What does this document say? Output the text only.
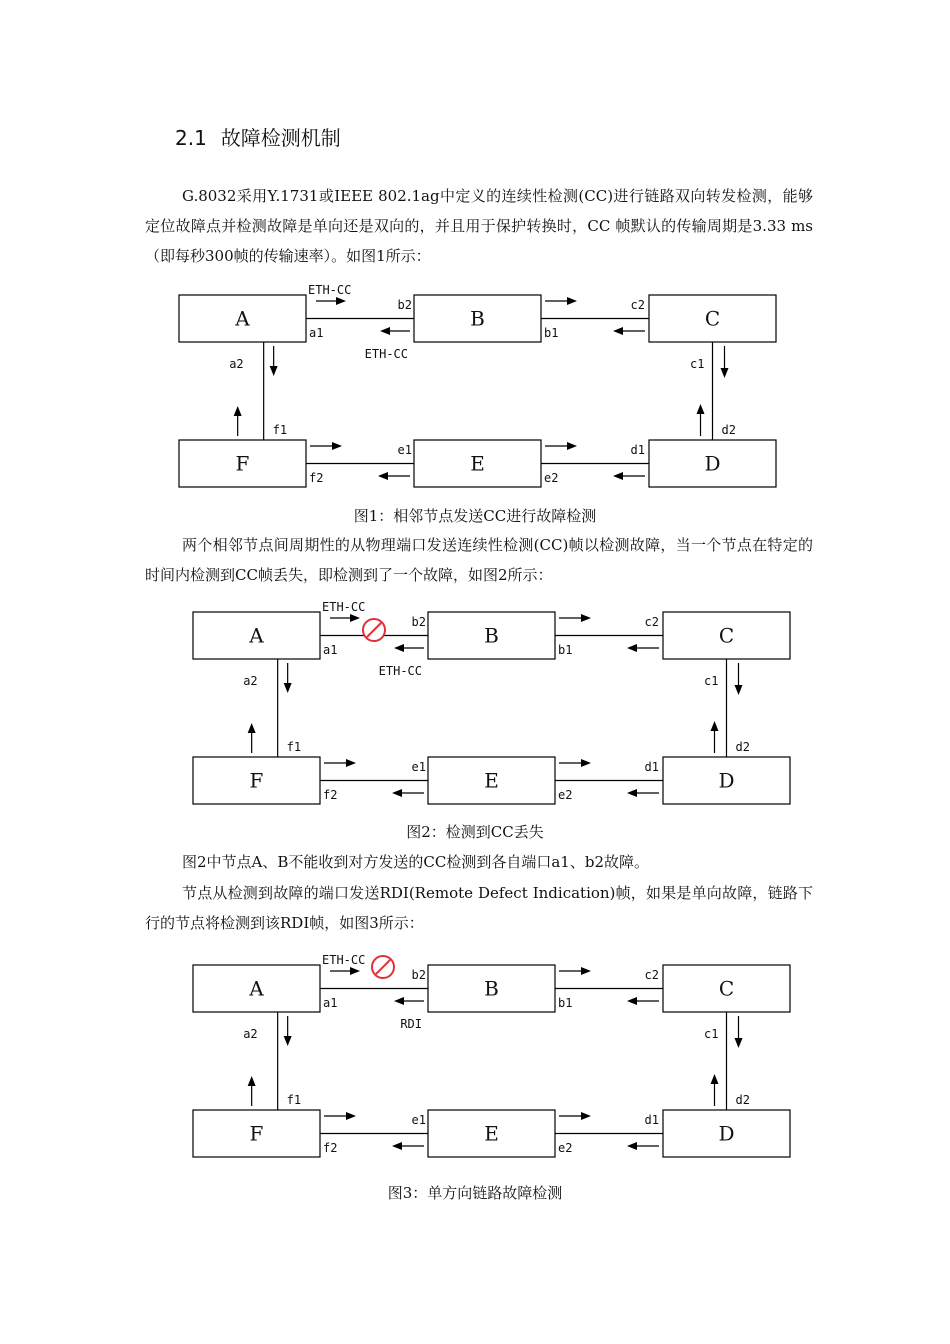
2.1 故障检测机制
G.8032采用Y.1731或IEEE 802.1ag中定义的连续性检测(CC)进行链路双向转发检测，能够定位故障点并检测故障是单向还是双向的，并且用于保护转换时，CC 帧默认的传输周期是3.33 ms（即每秒300帧的传输速率）。如图1所示：
A	B	C
F	E	D
a1
b2
b1
c2
a2	c1
f1	d2
f2
e1
e2
d1
ETH-CC
ETH-CC
图1：相邻节点发送CC进行故障检测
两个相邻节点间周期性的从物理端口发送连续性检测(CC)帧以检测故障，当一个节点在特定的时间内检测到CC帧丢失，即检测到了一个故障，如图2所示：
A	B	C
F	E	D
a1
b2
b1
c2
a2	c1
f1	d2
f2
e1
e2
d1
ETH-CC
ETH-CC
图2：检测到CC丢失
图2中节点A、B不能收到对方发送的CC检测到各自端口a1、b2故障。
节点从检测到故障的端口发送RDI(Remote Defect Indication)帧，如果是单向故障，链路下行的节点将检测到该RDI帧，如图3所示：
A	B	C
F	E	D
a1
b2
b1
c2
a2	c1
f1	d2
f2
e1
e2
d1
ETH-CC
RDI
图3：单方向链路故障检测
